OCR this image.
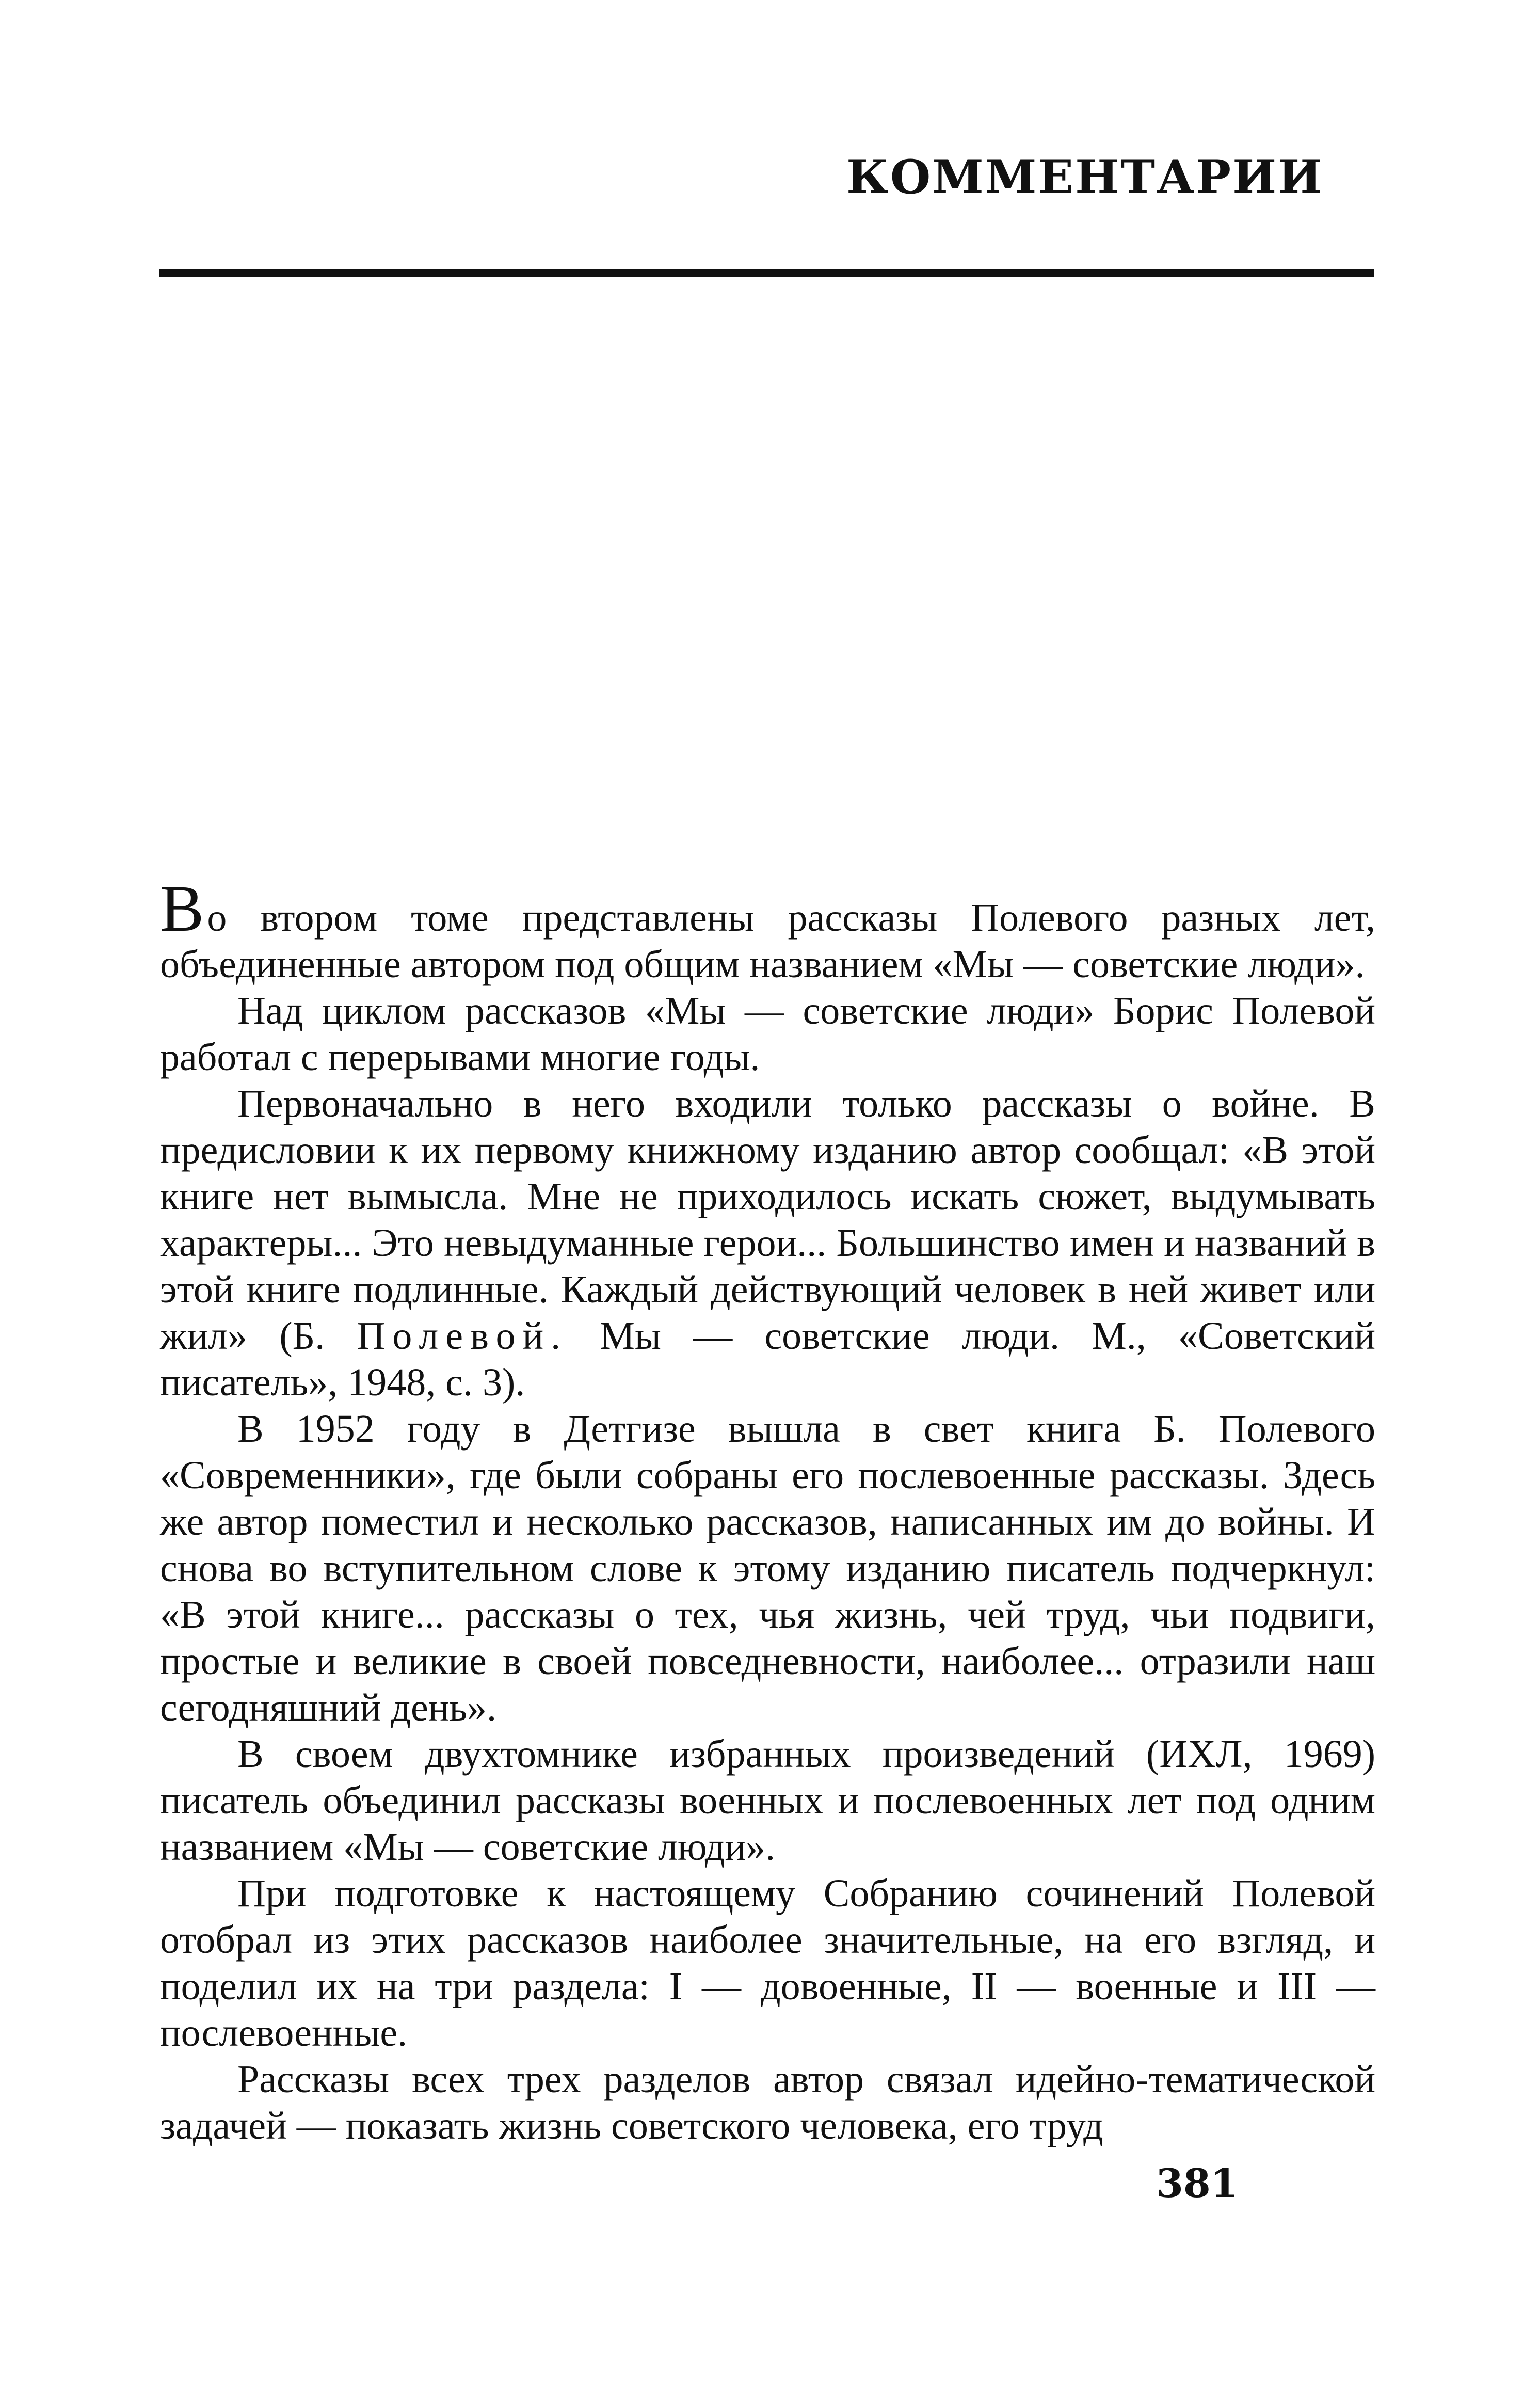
КОММЕНТАРИИ

Во втором томе представлены рассказы Полевого разных лет, объединенные автором под общим названием «Мы — советские люди».

Над циклом рассказов «Мы — советские люди» Борис Полевой работал с перерывами многие годы.

Первоначально в него входили только рассказы о войне. В предисловии к их первому книжному изданию автор сообщал: «В этой книге нет вымысла. Мне не приходилось искать сюжет, выдумывать характеры... Это невыдуманные герои... Большинство имен и названий в этой книге подлинные. Каждый действующий человек в ней живет или жил» (Б. Полевой. Мы — советские люди. М., «Советский писатель», 1948, с. 3).

В 1952 году в Детгизе вышла в свет книга Б. Полевого «Современники», где были собраны его послевоенные рассказы. Здесь же автор поместил и несколько рассказов, написанных им до войны. И снова во вступительном слове к этому изданию писатель подчеркнул: «В этой книге... рассказы о тех, чья жизнь, чей труд, чьи подвиги, простые и великие в своей повседневности, наиболее... отразили наш сегодняшний день».

В своем двухтомнике избранных произведений (ИХЛ, 1969) писатель объединил рассказы военных и послевоенных лет под одним названием «Мы — советские люди».

При подготовке к настоящему Собранию сочинений Полевой отобрал из этих рассказов наиболее значительные, на его взгляд, и поделил их на три раздела: I — довоенные, II — военные и III — послевоенные.

Рассказы всех трех разделов автор связал идейно-тематической задачей — показать жизнь советского человека, его труд

381
